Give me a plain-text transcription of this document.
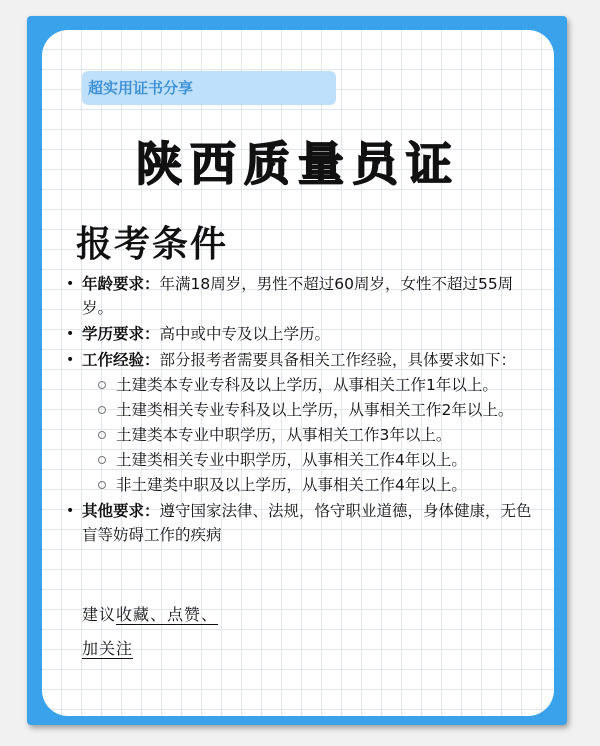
超实用证书分享
陕西质量员证
报考条件
• 年龄要求：年满18周岁，男性不超过60周岁，女性不超过55周岁。
• 学历要求：高中或中专及以上学历。
• 工作经验：部分报考者需要具备相关工作经验，具体要求如下：
土建类本专业专科及以上学历，从事相关工作1年以上。
土建类相关专业专科及以上学历，从事相关工作2年以上。
土建类本专业中职学历，从事相关工作3年以上。
土建类相关专业中职学历，从事相关工作4年以上。
非土建类中职及以上学历，从事相关工作4年以上。
• 其他要求：遵守国家法律、法规，恪守职业道德，身体健康，无色盲等妨碍工作的疾病
建议收藏、点赞、
加关注
